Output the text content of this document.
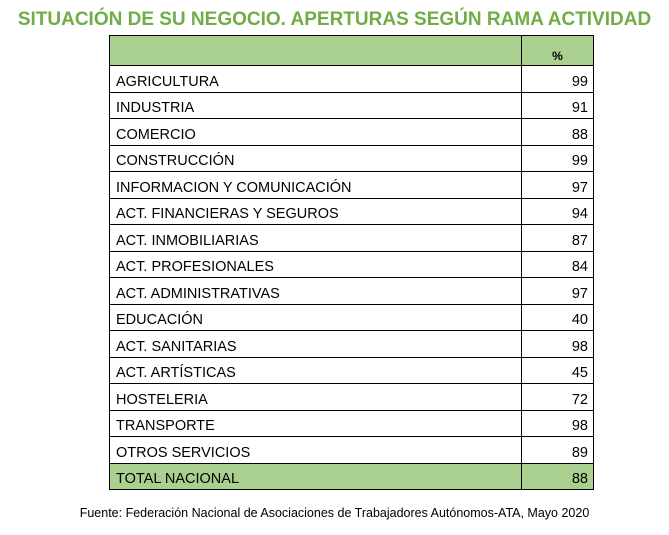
SITUACIÓN DE SU NEGOCIO. APERTURAS SEGÚN RAMA ACTIVIDAD
	%
AGRICULTURA	99
INDUSTRIA	91
COMERCIO	88
CONSTRUCCIÓN	99
INFORMACION Y COMUNICACIÓN	97
ACT. FINANCIERAS Y SEGUROS	94
ACT. INMOBILIARIAS	87
ACT. PROFESIONALES	84
ACT. ADMINISTRATIVAS	97
EDUCACIÓN	40
ACT. SANITARIAS	98
ACT. ARTÍSTICAS	45
HOSTELERIA	72
TRANSPORTE	98
OTROS SERVICIOS	89
TOTAL NACIONAL	88
Fuente: Federación Nacional de Asociaciones de Trabajadores Autónomos-ATA, Mayo 2020
